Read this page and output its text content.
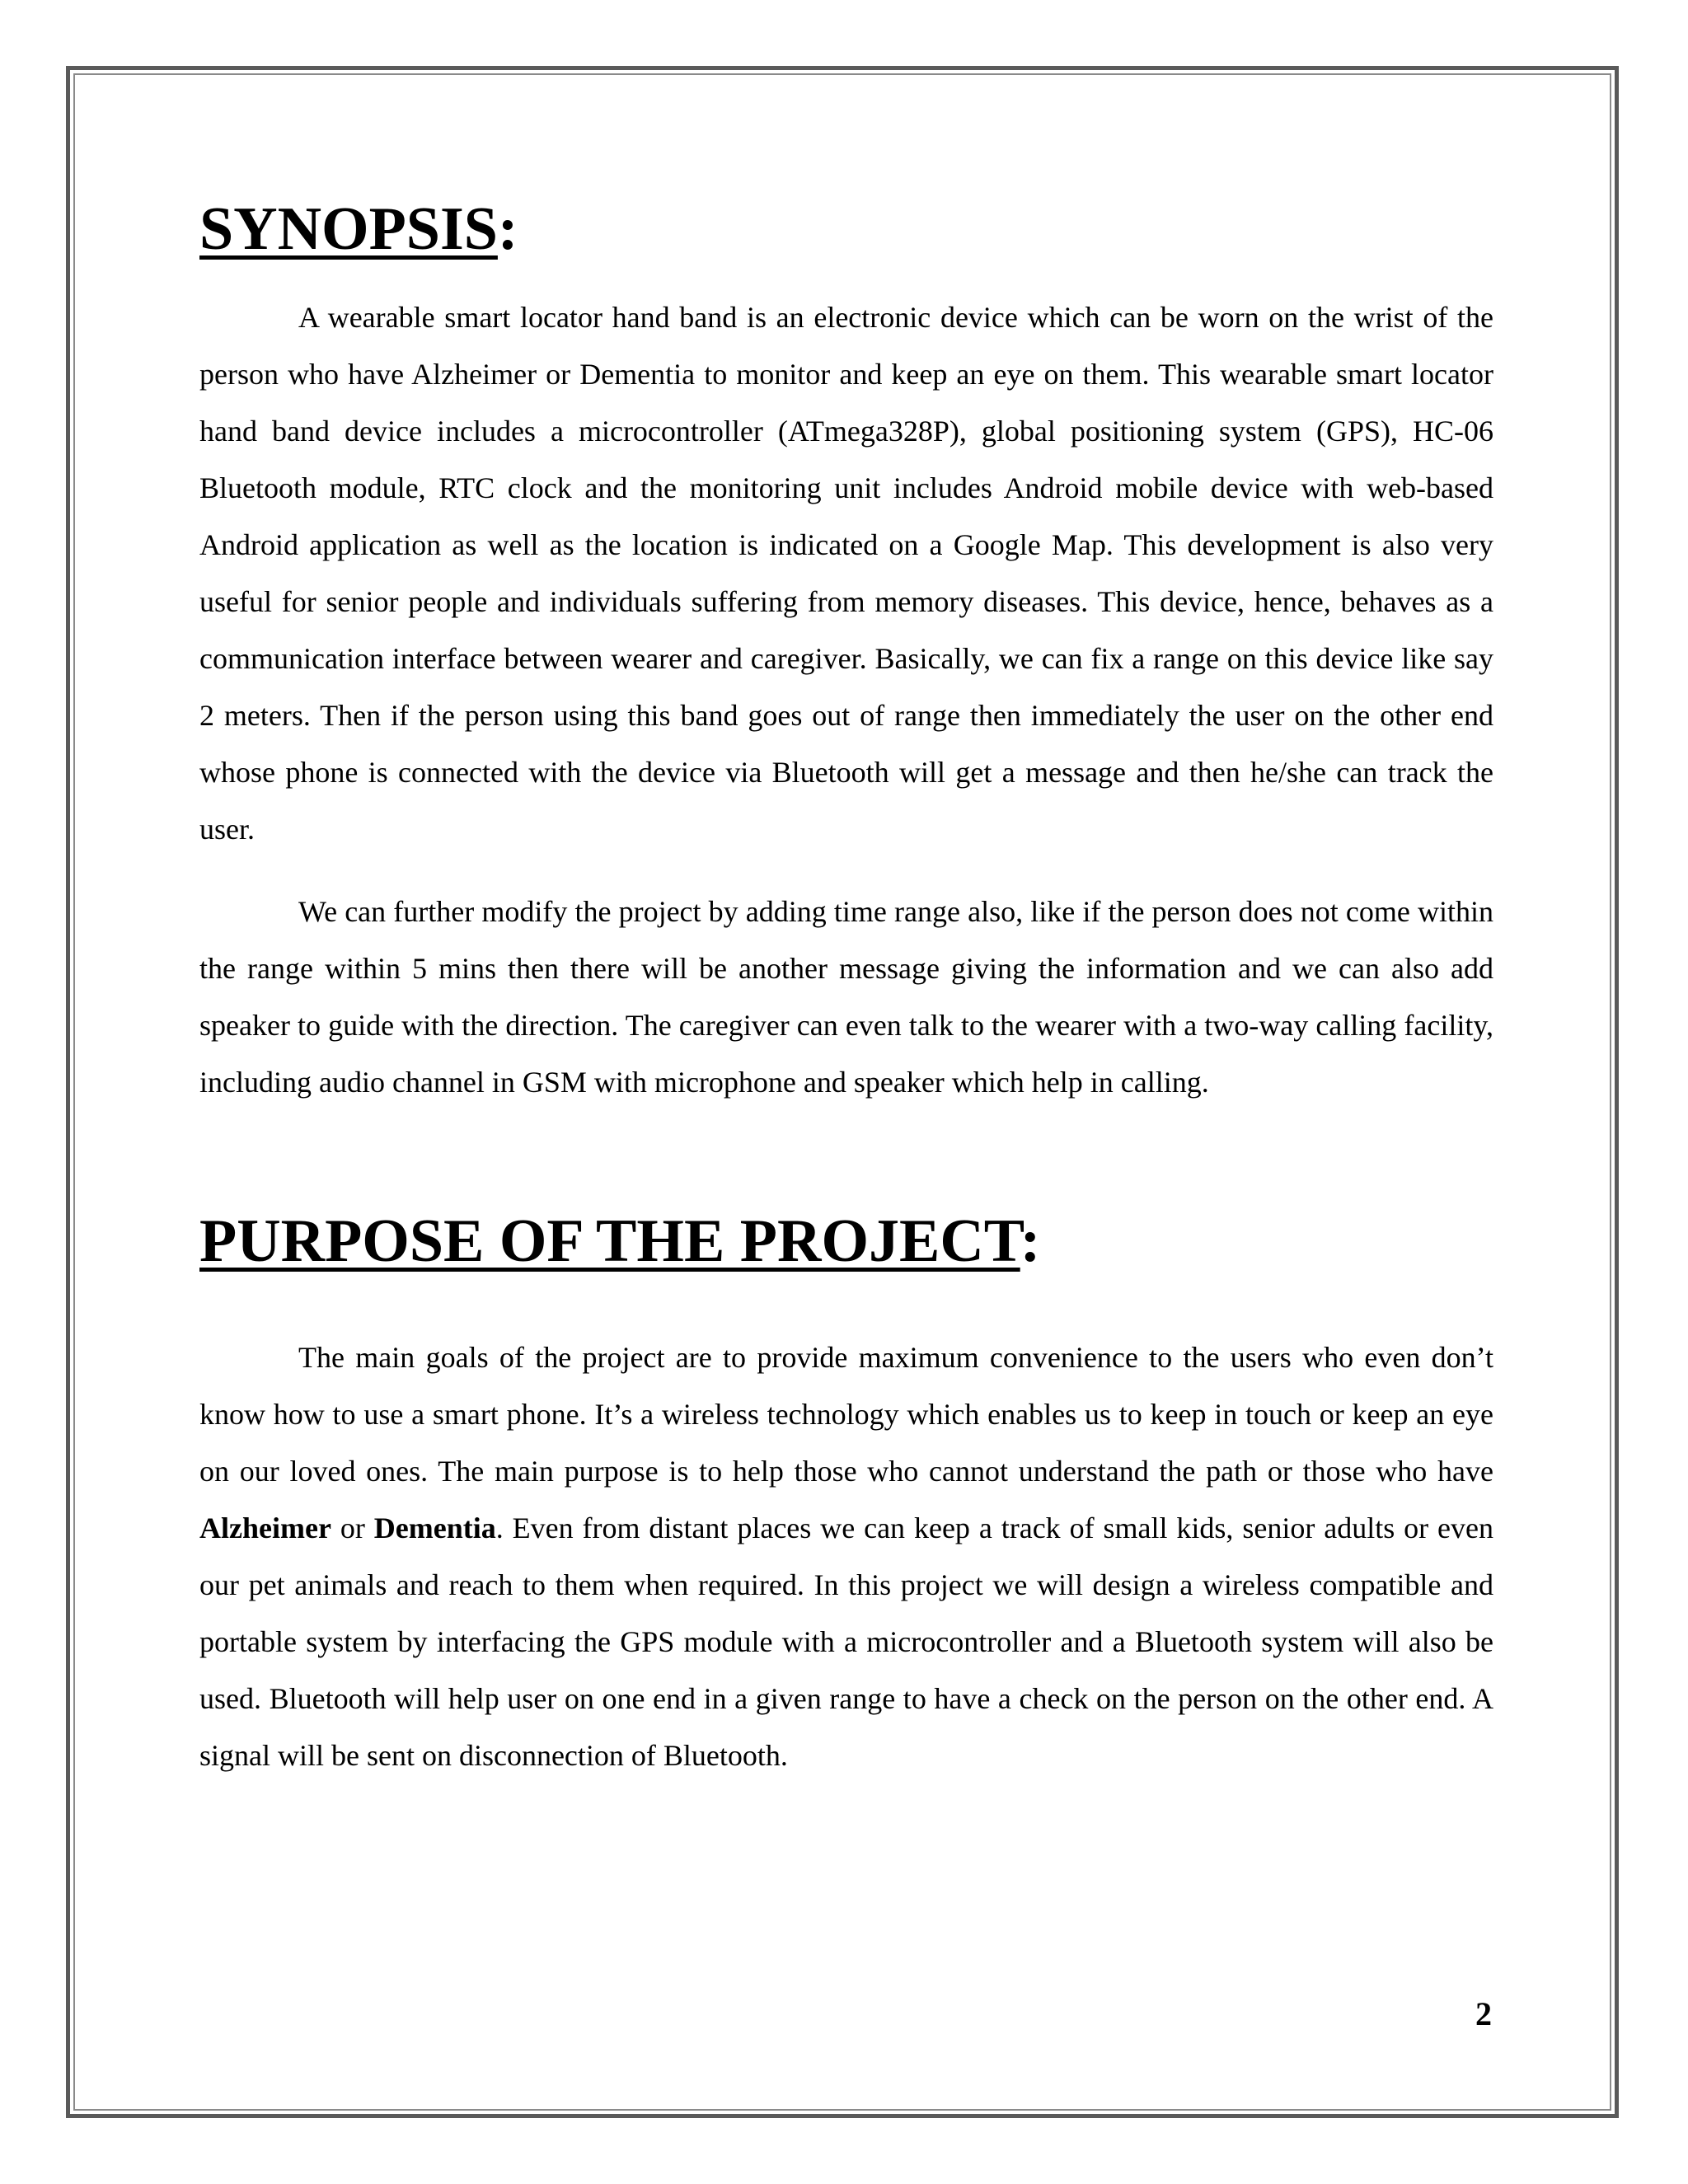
SYNOPSIS:

A wearable smart locator hand band is an electronic device which can be worn on the wrist of the person who have Alzheimer or Dementia to monitor and keep an eye on them. This wearable smart locator hand band device includes a microcontroller (ATmega328P), global positioning system (GPS), HC-06 Bluetooth module, RTC clock and the monitoring unit includes Android mobile device with web-based Android application as well as the location is indicated on a Google Map. This development is also very useful for senior people and individuals suffering from memory diseases. This device, hence, behaves as a communication interface between wearer and caregiver. Basically, we can fix a range on this device like say 2 meters. Then if the person using this band goes out of range then immediately the user on the other end whose phone is connected with the device via Bluetooth will get a message and then he/she can track the user.

We can further modify the project by adding time range also, like if the person does not come within the range within 5 mins then there will be another message giving the information and we can also add speaker to guide with the direction. The caregiver can even talk to the wearer with a two-way calling facility, including audio channel in GSM with microphone and speaker which help in calling.

PURPOSE OF THE PROJECT:

The main goals of the project are to provide maximum convenience to the users who even don’t know how to use a smart phone. It’s a wireless technology which enables us to keep in touch or keep an eye on our loved ones. The main purpose is to help those who cannot understand the path or those who have Alzheimer or Dementia. Even from distant places we can keep a track of small kids, senior adults or even our pet animals and reach to them when required. In this project we will design a wireless compatible and portable system by interfacing the GPS module with a microcontroller and a Bluetooth system will also be used. Bluetooth will help user on one end in a given range to have a check on the person on the other end. A signal will be sent on disconnection of Bluetooth.

2
